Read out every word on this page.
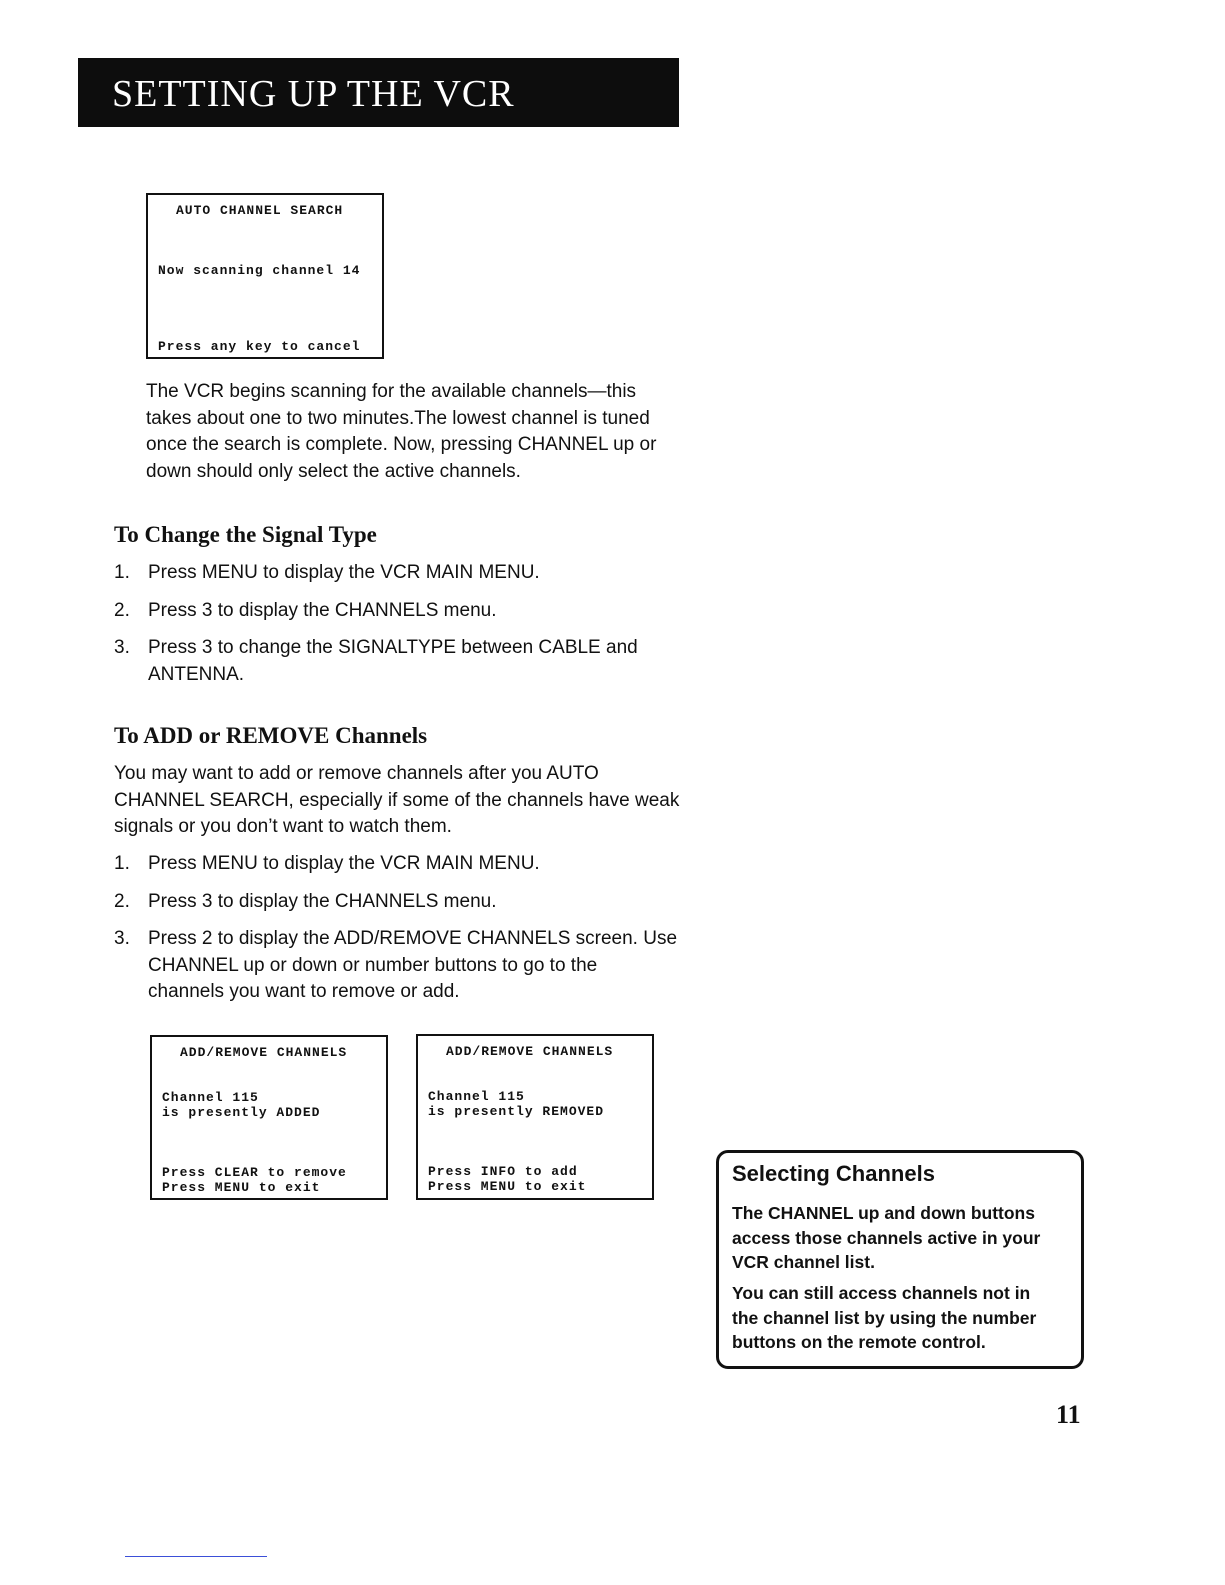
SETTING UP THE VCR
AUTO CHANNEL SEARCH
Now scanning channel 14
Press any key to cancel
The VCR begins scanning for the available channels—this
takes about one to two minutes.The lowest channel is tuned
once the search is complete. Now, pressing CHANNEL up or
down should only select the active channels.
To Change the Signal Type
1. Press MENU to display the VCR MAIN MENU.
2. Press 3 to display the CHANNELS menu.
3. Press 3 to change the SIGNALTYPE between CABLE and
ANTENNA.
To ADD or REMOVE Channels
You may want to add or remove channels after you AUTO
CHANNEL SEARCH, especially if some of the channels have weak
signals or you don’t want to watch them.
1. Press MENU to display the VCR MAIN MENU.
2. Press 3 to display the CHANNELS menu.
3. Press 2 to display the ADD/REMOVE CHANNELS screen. Use
CHANNEL up or down or number buttons to go to the
channels you want to remove or add.
ADD/REMOVE CHANNELS
Channel 115
is presently ADDED
Press CLEAR to remove
Press MENU to exit
ADD/REMOVE CHANNELS
Channel 115
is presently REMOVED
Press INFO to add
Press MENU to exit
Selecting Channels
The CHANNEL up and down buttons
access those channels active in your
VCR channel list.
You can still access channels not in
the channel list by using the number
buttons on the remote control.
11
